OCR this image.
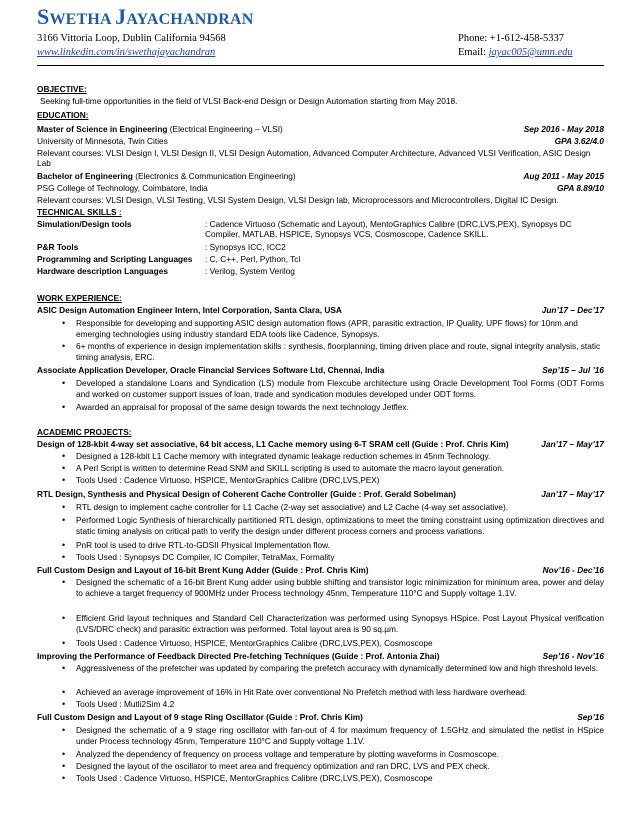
SWETHA JAYACHANDRAN
3166 Vittoria Loop, Dublin California 94568
www.linkedin.com/in/swethajayachandran
Phone: +1-612-458-5337
Email: jayac005@umn.edu
OBJECTIVE:
Seeking full-time opportunities in the field of VLSI Back-end Design or Design Automation starting from May 2018.
EDUCATION:
Master of Science in Engineering (Electrical Engineering – VLSI)	Sep 2016 - May 2018
University of Minnesota, Twin Cities	GPA 3.62/4.0
Relevant courses: VLSI Design I, VLSI Design II, VLSI Design Automation, Advanced Computer Architecture, Advanced VLSI Verification, ASIC Design Lab
Bachelor of Engineering (Electronics & Communication Engineering)	Aug 2011 - May 2015
PSG College of Technology, Coimbatore, India	GPA 8.89/10
Relevant courses: VLSI Design, VLSI Testing, VLSI System Design, VLSI Design lab, Microprocessors and Microcontrollers, Digital IC Design.
TECHNICAL SKILLS :
Simulation/Design tools	: Cadence Virtuoso (Schematic and Layout), MentoGraphics Calibre (DRC,LVS,PEX), Synopsys DC Compiler, MATLAB, HSPICE, Synopsys VCS, Cosmoscope, Cadence SKILL.
P&R Tools	: Synopsys ICC, ICC2
Programming and Scripting Languages : C, C++, Perl, Python, Tcl
Hardware description Languages	: Verilog, System Verilog
WORK EXPERIENCE:
ASIC Design Automation Engineer Intern, Intel Corporation, Santa Clara, USA	Jun’17 – Dec’17
• Responsible for developing and supporting ASIC design automation flows (APR, parasitic extraction, IP Quality, UPF flows) for 10nm and emerging technologies using industry standard EDA tools like Cadence, Synopsys.
• 6+ months of experience in design implementation skills : synthesis, floorplanning, timing driven place and route, signal integrity analysis, static timing analysis, ERC.
Associate Application Developer, Oracle Financial Services Software Ltd, Chennai, India	Sep’15 – Jul ’16
• Developed a standalone Loans and Syndication (LS) module from Flexcube architecture using Oracle Development Tool Forms (ODT Forms and worked on customer support issues of loan, trade and syndication modules developed under ODT forms.
• Awarded an appraisal for proposal of the same design towards the next technology Jetflex.
ACADEMIC PROJECTS:
Design of 128-kbit 4-way set associative, 64 bit access, L1 Cache memory using 6-T SRAM cell (Guide : Prof. Chris Kim)	Jan’17 – May’17
• Designed a 128-kbit L1 Cache memory with integrated dynamic leakage reduction schemes in 45nm Technology.
• A Perl Script is written to determine Read SNM and SKILL scripting is used to automate the macro layout generation.
• Tools Used : Cadence Virtuoso, HSPICE, MentorGraphics Calibre (DRC,LVS,PEX)
RTL Design, Synthesis and Physical Design of Coherent Cache Controller (Guide : Prof. Gerald Sobelman)	Jan’17 – May’17
• RTL design to implement cache controller for L1 Cache (2-way set associative) and L2 Cache (4-way set associative).
• Performed Logic Synthesis of hierarchically partitioned RTL design, optimizations to meet the timing constraint using optimization directives and static timing analysis on critical path to verify the design under different process corners and process variations.
• PnR tool is used to drive RTL-to-GDSII Physical Implementation flow.
• Tools Used : Synopsys DC Compiler, IC Compiler, TetraMax, Formality
Full Custom Design and Layout of 16-bit Brent Kung Adder (Guide : Prof. Chris Kim)	Nov’16 - Dec’16
• Designed the schematic of a 16-bit Brent Kung adder using bubble shifting and transistor logic minimization for minimum area, power and delay to achieve a target frequency of 900MHz under Process technology 45nm, Temperature 110°C and Supply voltage 1.1V.
• Efficient Grid layout techniques and Standard Cell Characterization was performed using Synopsys HSpice. Post Layout Physical verification (LVS/DRC check) and parasitic extraction was performed. Total layout area is 90 sq.µm.
• Tools Used : Cadence Virtuoso, HSPICE, MentorGraphics Calibre (DRC,LVS,PEX), Cosmoscope
Improving the Performance of Feedback Directed Pre-fetching Techniques (Guide : Prof. Antonia Zhai)	Sep’16 - Nov’16
• Aggressiveness of the prefetcher was updated by comparing the prefetch accuracy with dynamically determined low and high threshold levels.
• Achieved an average improvement of 16% in Hit Rate over conventional No Prefetch method with less hardware overhead.
• Tools Used : Mutli2Sim 4.2
Full Custom Design and Layout of 9 stage Ring Oscillator (Guide : Prof. Chris Kim)	Sep’16
• Designed the schematic of a 9 stage ring oscillator with fan-out of 4 for maximum frequency of 1.5GHz and simulated the netlist in HSpice under Process technology 45nm, Temperature 110°C and Supply voltage 1.1V.
• Analyzed the dependency of frequency on process voltage and temperature by plotting waveforms in Cosmoscope.
• Designed the layout of the oscillator to meet area and frequency optimization and ran DRC, LVS and PEX check.
• Tools Used : Cadence Virtuoso, HSPICE, MentorGraphics Calibre (DRC,LVS,PEX), Cosmoscope
